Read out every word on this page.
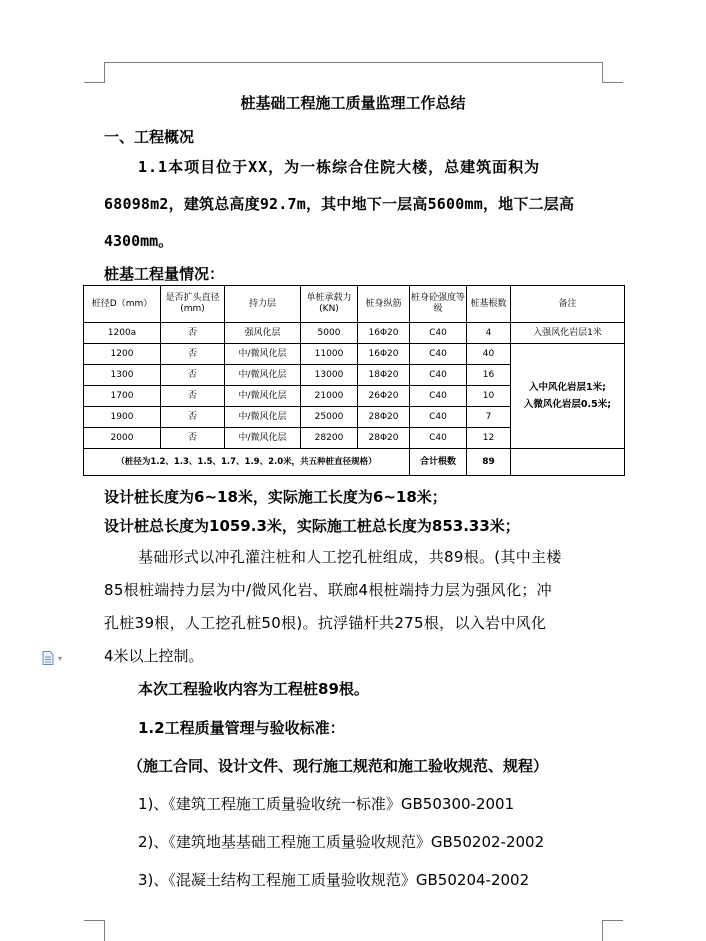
桩基础工程施工质量监理工作总结
一、工程概况
1.1本项目位于XX，为一栋综合住院大楼，总建筑面积为
68098m2，建筑总高度92.7m，其中地下一层高5600mm，地下二层高
4300mm。
桩基工程量情况：
桩径D（mm）	是否扩头直径(mm)	持力层	单桩承载力(KN)	桩身纵筋	桩身砼强度等级	桩基根数	备注
1200a	否	强风化层	5000	16Φ20	C40	4	入强风化岩层1米
1200	否	中/微风化层	11000	16Φ20	C40	40	入中风化岩层1米;
入微风化岩层0.5米;

1300	否	中/微风化层	13000	18Φ20	C40	16	
1700	否	中/微风化层	21000	26Φ20	C40	10	
1900	否	中/微风化层	25000	28Φ20	C40	7	
2000	否	中/微风化层	28200	28Φ20	C40	12	
（桩径为1.2、1.3、1.5、1.7、1.9、2.0米，共五种桩直径规格）					合计根数	89	
设计桩长度为6~18米，实际施工长度为6~18米；
设计桩总长度为1059.3米，实际施工桩总长度为853.33米；
基础形式以冲孔灌注桩和人工挖孔桩组成，共89根。(其中主楼
85根桩端持力层为中/微风化岩、联廊4根桩端持力层为强风化；冲
孔桩39根，人工挖孔桩50根)。抗浮锚杆共275根，以入岩中风化
4米以上控制。
▾
本次工程验收内容为工程桩89根。
1.2工程质量管理与验收标准：
（施工合同、设计文件、现行施工规范和施工验收规范、规程）
1)、《建筑工程施工质量验收统一标准》GB50300-2001
2)、《建筑地基基础工程施工质量验收规范》GB50202-2002
3)、《混凝土结构工程施工质量验收规范》GB50204-2002
